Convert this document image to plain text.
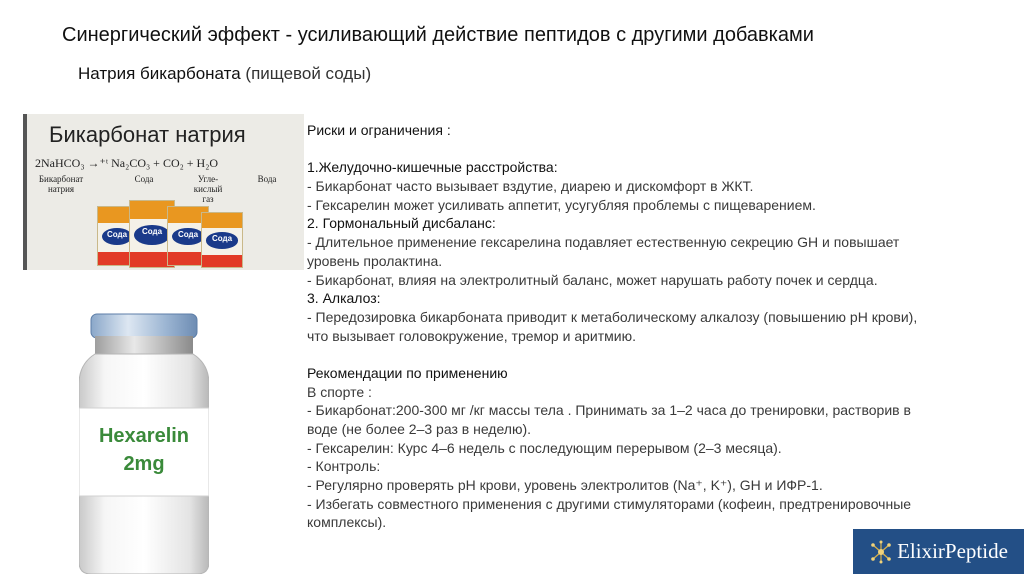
Синергический эффект - усиливающий действие пептидов с другими добавками
Натрия бикарбоната (пищевой соды)
Бикарбонат натрия
2NaHCO₃ →⁺ᵗ Na₂CO₃ + CO₂ + H₂O
Бикарбонат натрия
Сода	Угле-кислый газ
Вода
Сода	Сода	Сода
Сода
Hexarelin
2mg
Риски и ограничения :
1.Желудочно-кишечные расстройства:
- Бикарбонат часто вызывает вздутие, диарею и дискомфорт в ЖКТ.
- Гексарелин может усиливать аппетит, усугубляя проблемы с пищеварением.
2. Гормональный дисбаланс:
- Длительное применение гексарелина подавляет естественную секрецию GH и повышает
уровень пролактина.
- Бикарбонат, влияя на электролитный баланс, может нарушать работу почек и сердца.
3. Алкалоз:
- Передозировка бикарбоната приводит к метаболическому алкалозу (повышению pH крови),
что вызывает головокружение, тремор и аритмию.
Рекомендации по применению
В спорте :
- Бикарбонат:200-300 мг /кг массы тела . Принимать за 1–2 часа до тренировки, растворив в
воде (не более 2–3 раз в неделю).
- Гексарелин: Курс 4–6 недель с последующим перерывом (2–3 месяца).
- Контроль:
- Регулярно проверять pH крови, уровень электролитов (Na⁺, K⁺), GH и ИФР-1.
- Избегать совместного применения с другими стимуляторами (кофеин, предтренировочные
комплексы).
ElixirPeptide
